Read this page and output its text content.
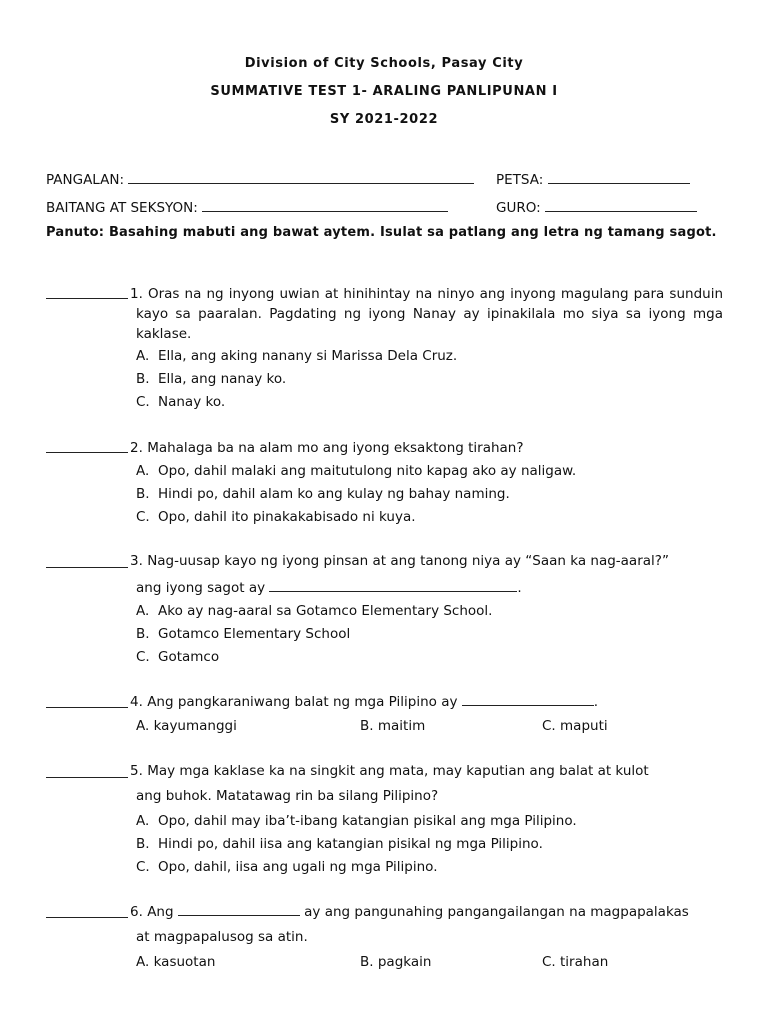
Division of City Schools, Pasay City
SUMMATIVE TEST 1- ARALING PANLIPUNAN I
SY 2021-2022
PANGALAN:	PETSA:
BAITANG AT SEKSYON:	GURO:
Panuto: Basahing mabuti ang bawat aytem. Isulat sa patlang ang letra ng tamang sagot.
1. Oras na ng inyong uwian at hinihintay na ninyo ang inyong magulang para sunduin kayo sa paaralan. Pagdating ng iyong Nanay ay ipinakilala mo siya sa iyong mga kaklase.
A. Ella, ang aking nanany si Marissa Dela Cruz.
B. Ella, ang nanay ko.
C. Nanay ko.
2. Mahalaga ba na alam mo ang iyong eksaktong tirahan?
A. Opo, dahil malaki ang maitutulong nito kapag ako ay naligaw.
B. Hindi po, dahil alam ko ang kulay ng bahay naming.
C. Opo, dahil ito pinakakabisado ni kuya.
3. Nag-uusap kayo ng iyong pinsan at ang tanong niya ay “Saan ka nag-aaral?”
ang iyong sagot ay	.
A. Ako ay nag-aaral sa Gotamco Elementary School.
B. Gotamco Elementary School
C. Gotamco
4. Ang pangkaraniwang balat ng mga Pilipino ay	.
A. kayumanggi	B. maitim	C. maputi
5. May mga kaklase ka na singkit ang mata, may kaputian ang balat at kulot
ang buhok. Matatawag rin ba silang Pilipino?
A. Opo, dahil may iba’t-ibang katangian pisikal ang mga Pilipino.
B. Hindi po, dahil iisa ang katangian pisikal ng mga Pilipino.
C. Opo, dahil, iisa ang ugali ng mga Pilipino.
6. Ang	ay ang pangunahing pangangailangan na magpapalakas
at magpapalusog sa atin.
A. kasuotan	B. pagkain	C. tirahan
